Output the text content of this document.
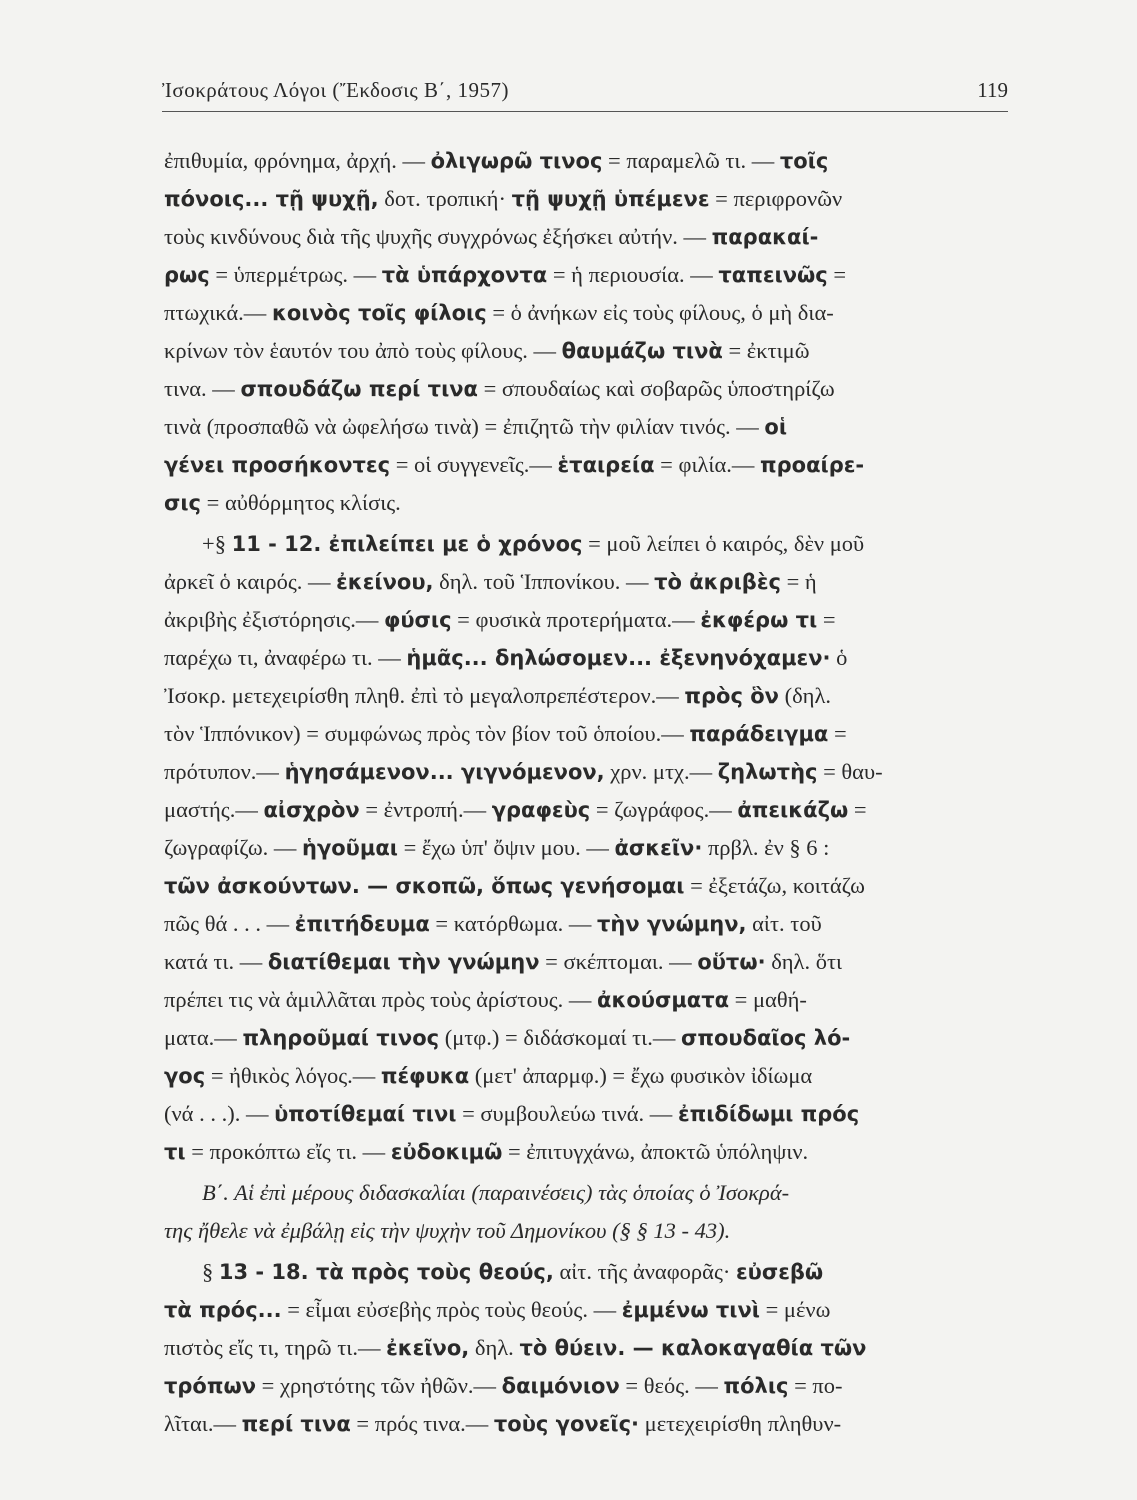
Ἰσοκράτους Λόγοι (Ἔκδοσις Β΄, 1957)	119
ἐπιθυμία, φρόνημα, ἀρχή. — ὀλιγωρῶ τινος = παραμελῶ τι. — τοῖς
πόνοις... τῇ ψυχῇ, δοτ. τροπική· τῇ ψυχῇ ὑπέμενε = περιφρονῶν
τοὺς κινδύνους διὰ τῆς ψυχῆς συγχρόνως ἐξήσκει αὐτήν. — παρακαί-
ρως = ὑπερμέτρως. — τὰ ὑπάρχοντα = ἡ περιουσία. — ταπεινῶς =
πτωχικά.— κοινὸς τοῖς φίλοις = ὁ ἀνήκων εἰς τοὺς φίλους, ὁ μὴ δια-
κρίνων τὸν ἑαυτόν του ἀπὸ τοὺς φίλους. — θαυμάζω τινὰ = ἐκτιμῶ
τινα. — σπουδάζω περί τινα = σπουδαίως καὶ σοβαρῶς ὑποστηρίζω
τινὰ (προσπαθῶ νὰ ὠφελήσω τινὰ) = ἐπιζητῶ τὴν φιλίαν τινός. — οἱ
γένει προσήκοντες = οἱ συγγενεῖς.— ἑταιρεία = φιλία.— προαίρε-
σις = αὐθόρμητος κλίσις.
+§ 11 - 12. ἐπιλείπει με ὁ χρόνος = μοῦ λείπει ὁ καιρός, δὲν μοῦ
ἀρκεῖ ὁ καιρός. — ἐκείνου, δηλ. τοῦ Ἱππονίκου. — τὸ ἀκριβὲς = ἡ
ἀκριβὴς ἐξιστόρησις.— φύσις = φυσικὰ προτερήματα.— ἐκφέρω τι =
παρέχω τι, ἀναφέρω τι. — ἡμᾶς... δηλώσομεν... ἐξενηνόχαμεν· ὁ
Ἰσοκρ. μετεχειρίσθη πληθ. ἐπὶ τὸ μεγαλοπρεπέστερον.— πρὸς ὃν (δηλ.
τὸν Ἱππόνικον) = συμφώνως πρὸς τὸν βίον τοῦ ὁποίου.— παράδειγμα =
πρότυπον.— ἡγησάμενον... γιγνόμενον, χρν. μτχ.— ζηλωτὴς = θαυ-
μαστής.— αἰσχρὸν = ἐντροπή.— γραφεὺς = ζωγράφος.— ἀπεικάζω =
ζωγραφίζω. — ἡγοῦμαι = ἔχω ὑπ' ὄψιν μου. — ἀσκεῖν· πρβλ. ἐν § 6 :
τῶν ἀσκούντων. — σκοπῶ, ὅπως γενήσομαι = ἐξετάζω, κοιτάζω
πῶς θά . . . — ἐπιτήδευμα = κατόρθωμα. — τὴν γνώμην, αἰτ. τοῦ
κατά τι. — διατίθεμαι τὴν γνώμην = σκέπτομαι. — οὕτω· δηλ. ὅτι
πρέπει τις νὰ ἁμιλλᾶται πρὸς τοὺς ἀρίστους. — ἀκούσματα = μαθή-
ματα.— πληροῦμαί τινος (μτφ.) = διδάσκομαί τι.— σπουδαῖος λό-
γος = ἠθικὸς λόγος.— πέφυκα (μετ' ἀπαρμφ.) = ἔχω φυσικὸν ἰδίωμα
(νά . . .). — ὑποτίθεμαί τινι = συμβουλεύω τινά. — ἐπιδίδωμι πρός
τι = προκόπτω εἴς τι. — εὐδοκιμῶ = ἐπιτυγχάνω, ἀποκτῶ ὑπόληψιν.
Β΄. Αἱ ἐπὶ μέρους διδασκαλίαι (παραινέσεις) τὰς ὁποίας ὁ Ἰσοκρά-
της ἤθελε νὰ ἐμβάλῃ εἰς τὴν ψυχὴν τοῦ Δημονίκου (§ § 13 - 43).
§ 13 - 18. τὰ πρὸς τοὺς θεούς, αἰτ. τῆς ἀναφορᾶς· εὐσεβῶ
τὰ πρός... = εἶμαι εὐσεβὴς πρὸς τοὺς θεούς. — ἐμμένω τινὶ = μένω
πιστὸς εἴς τι, τηρῶ τι.— ἐκεῖνο, δηλ. τὸ θύειν. — καλοκαγαθία τῶν
τρόπων = χρηστότης τῶν ἠθῶν.— δαιμόνιον = θεός. — πόλις = πο-
λῖται.— περί τινα = πρός τινα.— τοὺς γονεῖς· μετεχειρίσθη πληθυν-
